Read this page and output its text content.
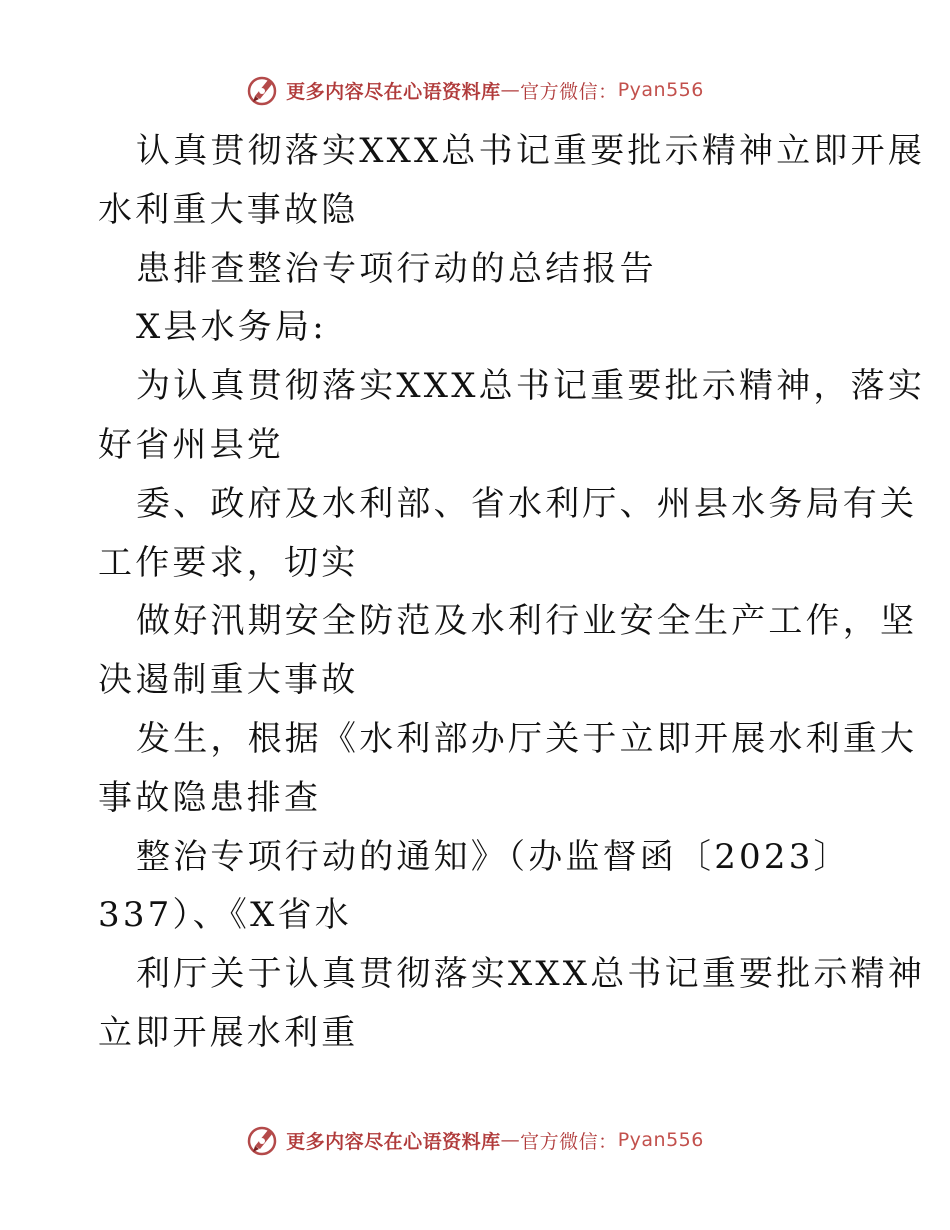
更多内容尽在心语资料库 — 官方微信： Pyan556
认真贯彻落实XXX总书记重要批示精神立即开展
水利重大事故隐
患排查整治专项行动的总结报告
X县水务局:
为认真贯彻落实XXX总书记重要批示精神，落实
好省州县党
委、政府及水利部、省水利厅、州县水务局有关
工作要求，切实
做好汛期安全防范及水利行业安全生产工作，坚
决遏制重大事故
发生，根据《水利部办厅关于立即开展水利重大
事故隐患排查
整治专项行动的通知》（办监督函〔2023〕
337）、《X省水
利厅关于认真贯彻落实XXX总书记重要批示精神
立即开展水利重
更多内容尽在心语资料库 — 官方微信： Pyan556
